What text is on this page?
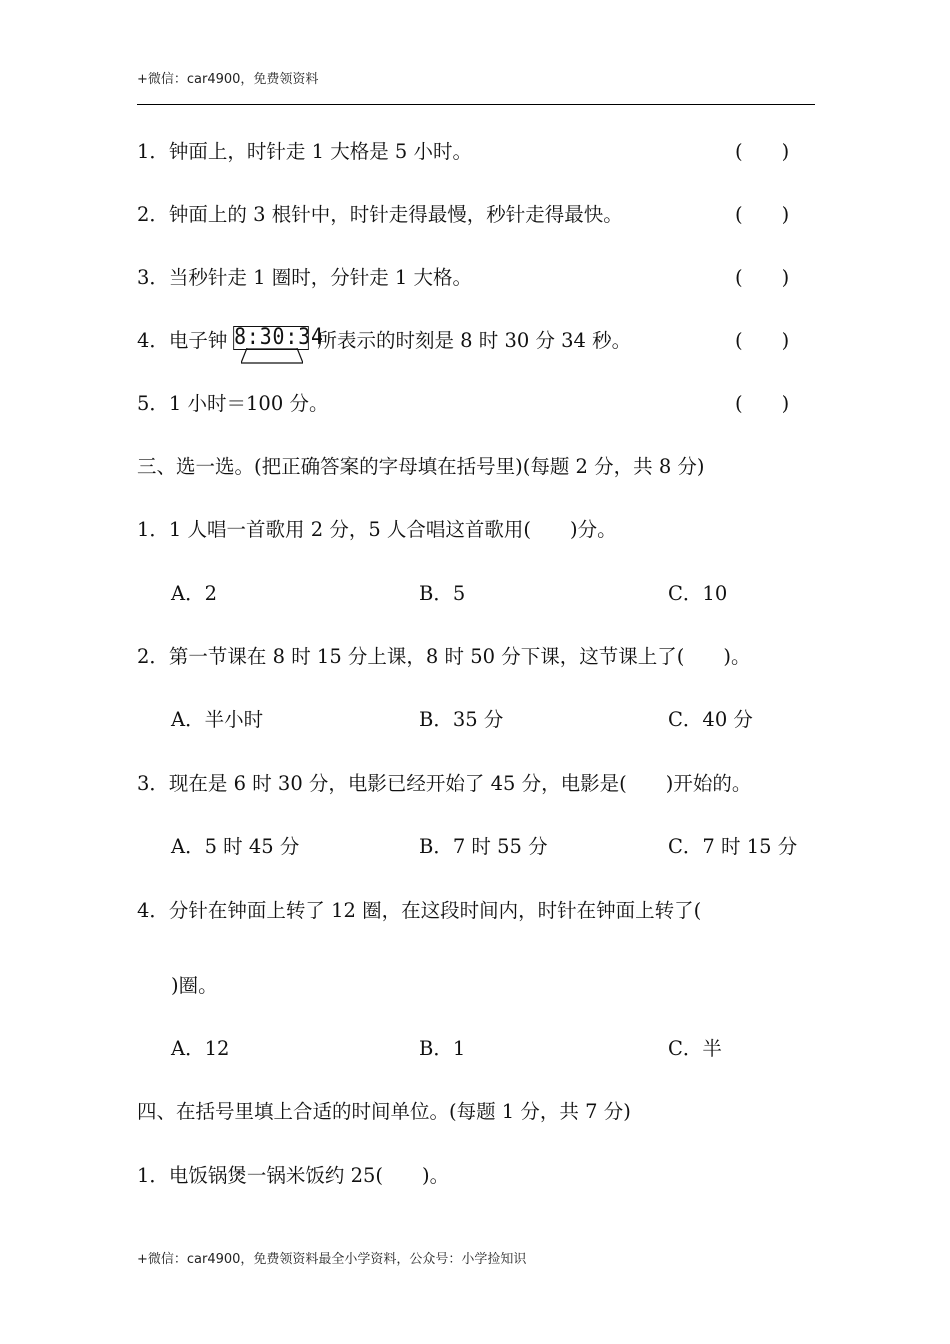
+微信：car4900，免费领资料
1．钟面上，时针走 1 大格是 5 小时。	(　　)
2．钟面上的 3 根针中，时针走得最慢，秒针走得最快。	(　　)
3．当秒针走 1 圈时，分针走 1 大格。	(　　)
4．电子钟 8:30:34
所表示的时刻是 8 时 30 分 34 秒。	(　　)
5．1 小时＝100 分。	(　　)
三、选一选。(把正确答案的字母填在括号里)(每题 2 分，共 8 分)
1．1 人唱一首歌用 2 分，5 人合唱这首歌用(　　)分。
A．2	B．5	C．10
2．第一节课在 8 时 15 分上课，8 时 50 分下课，这节课上了(　　)。
A．半小时	B．35 分	C．40 分
3．现在是 6 时 30 分，电影已经开始了 45 分，电影是(　　)开始的。
A．5 时 45 分	B．7 时 55 分	C．7 时 15 分
4．分针在钟面上转了 12 圈，在这段时间内，时针在钟面上转了(
)圈。
A．12	B．1	C．半
四、在括号里填上合适的时间单位。(每题 1 分，共 7 分)
1．电饭锅煲一锅米饭约 25(　　)。
+微信：car4900，免费领资料最全小学资料，公众号：小学捡知识
